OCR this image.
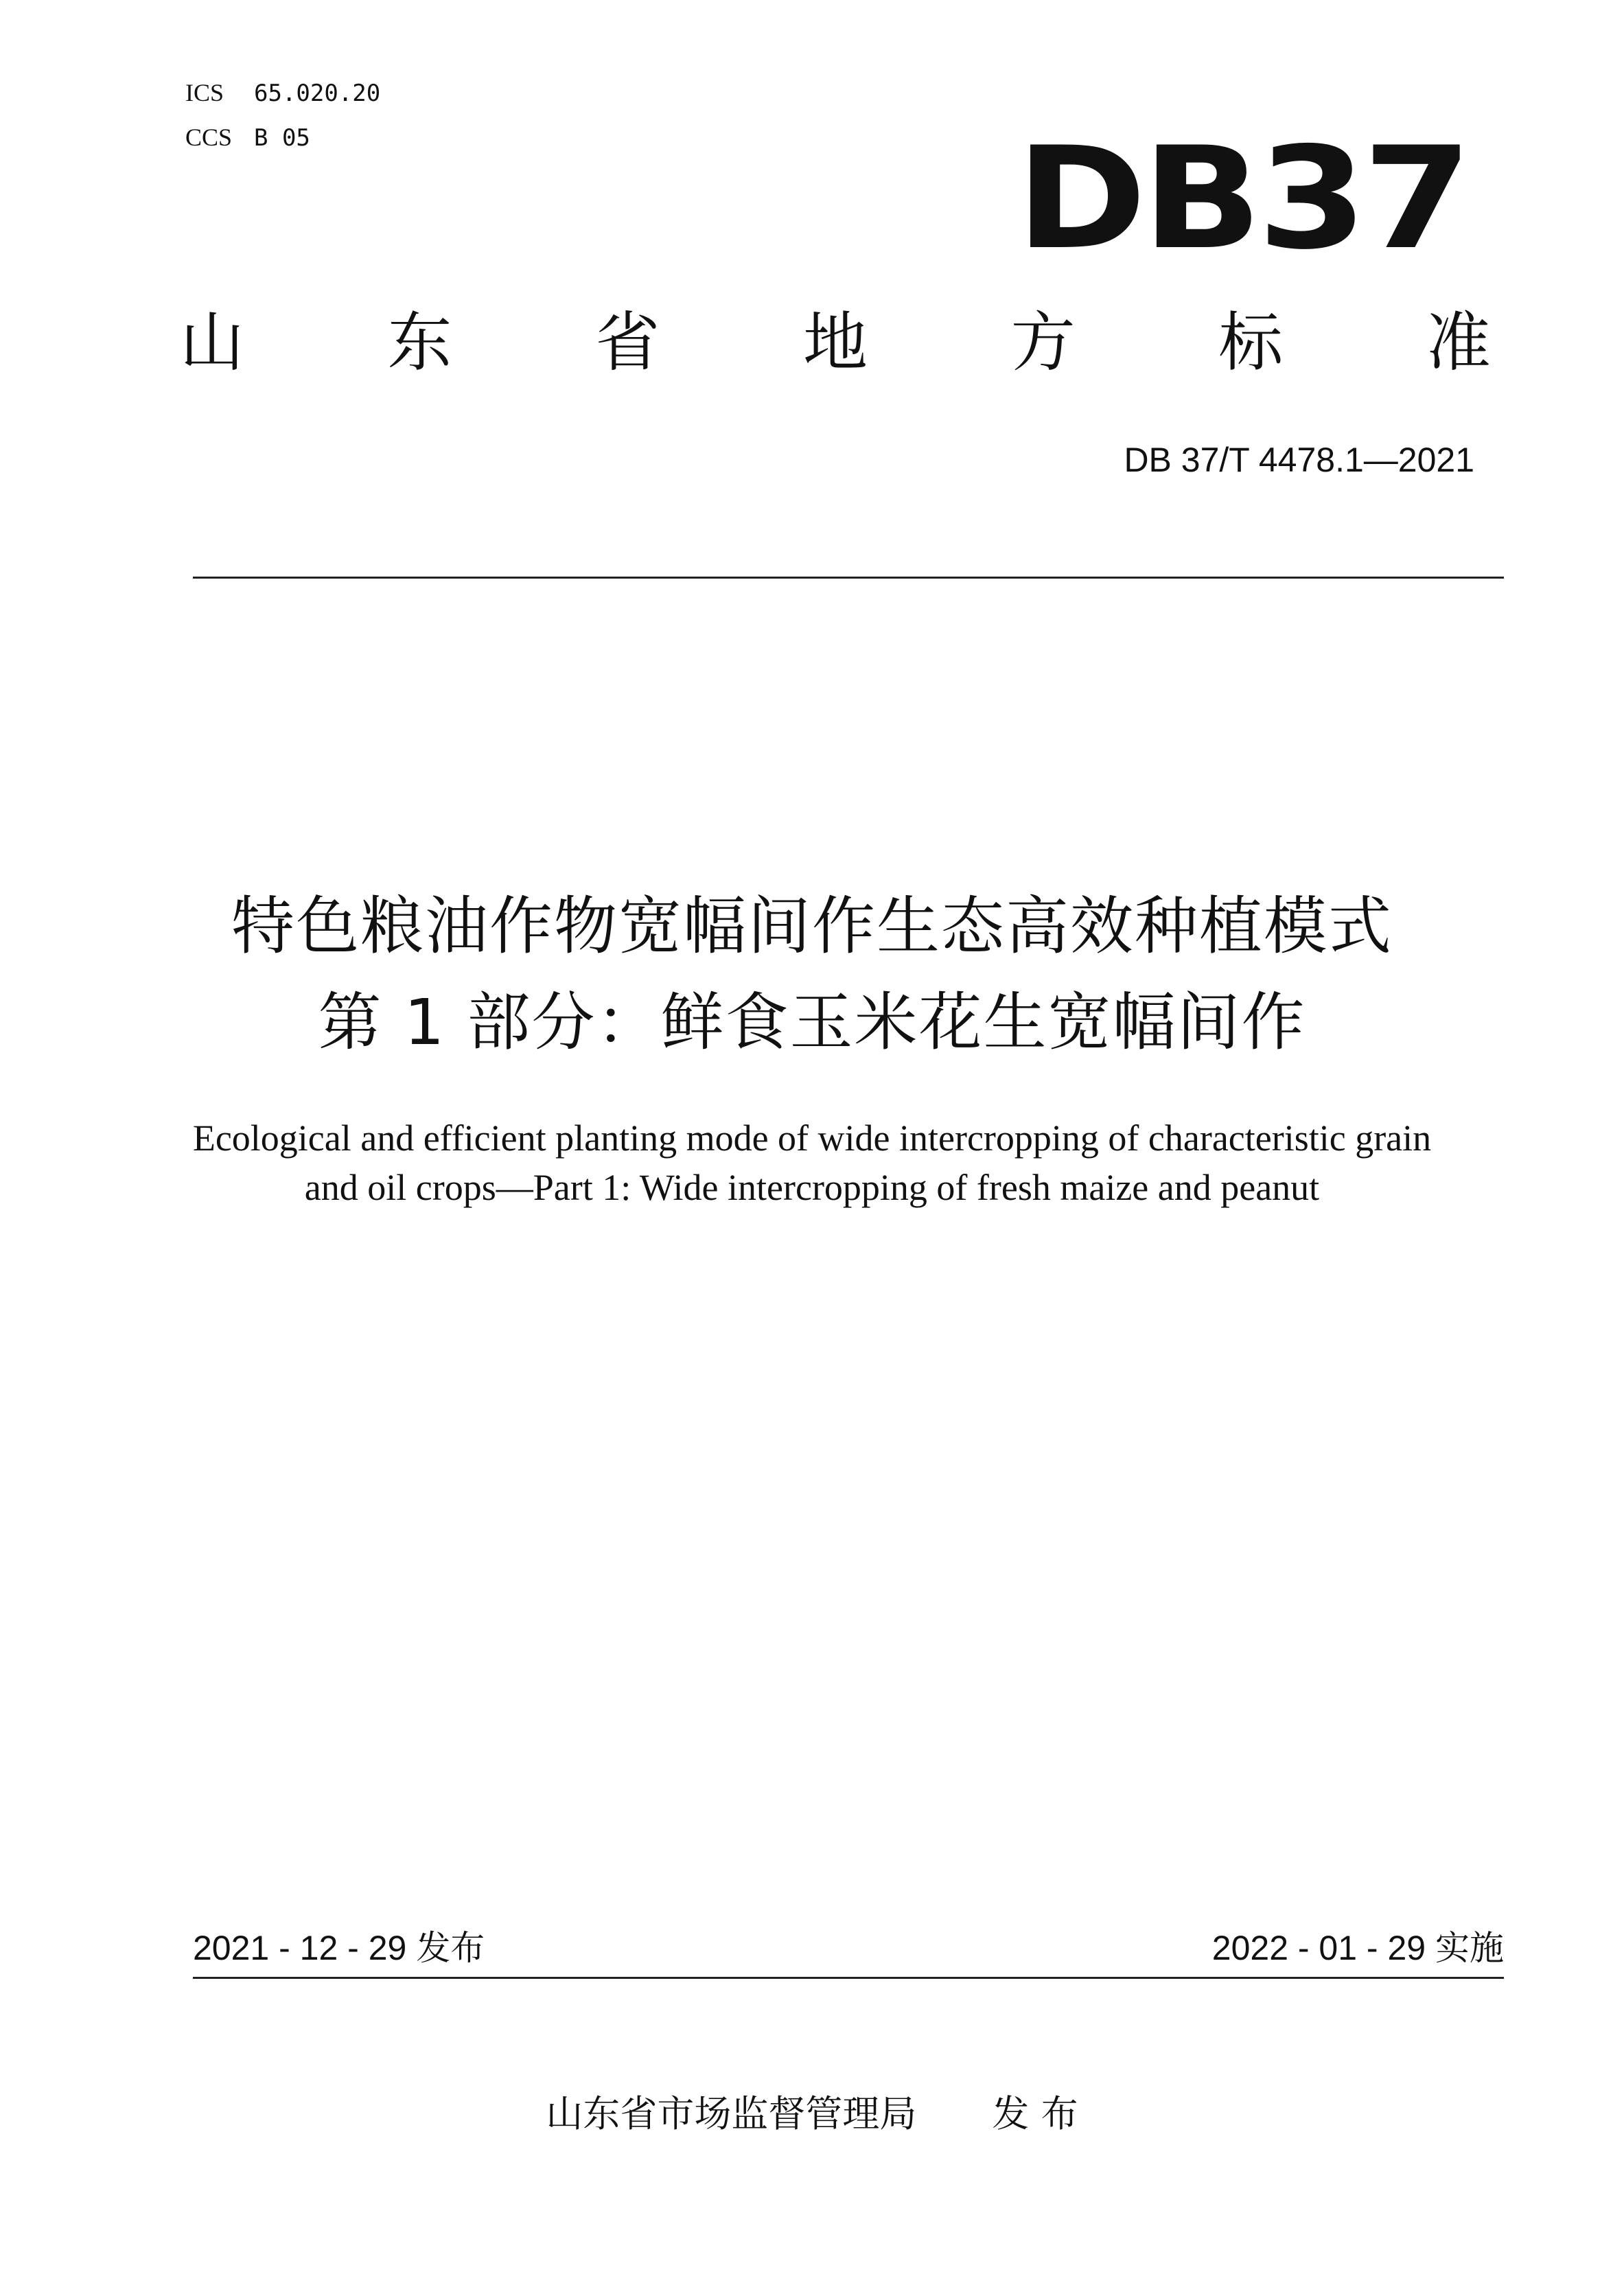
ICS 65.020.20
CCS B 05	DB37
山 东 省 地 方 标 准
DB 37/T 4478.1—2021
特色粮油作物宽幅间作生态高效种植模式
第 1 部分：鲜食玉米花生宽幅间作
Ecological and efficient planting mode of wide intercropping of characteristic grain
and oil crops—Part 1: Wide intercropping of fresh maize and peanut
2021 - 12 - 29 发布	2022 - 01 - 29 实施
山东省市场监督管理局 发 布
